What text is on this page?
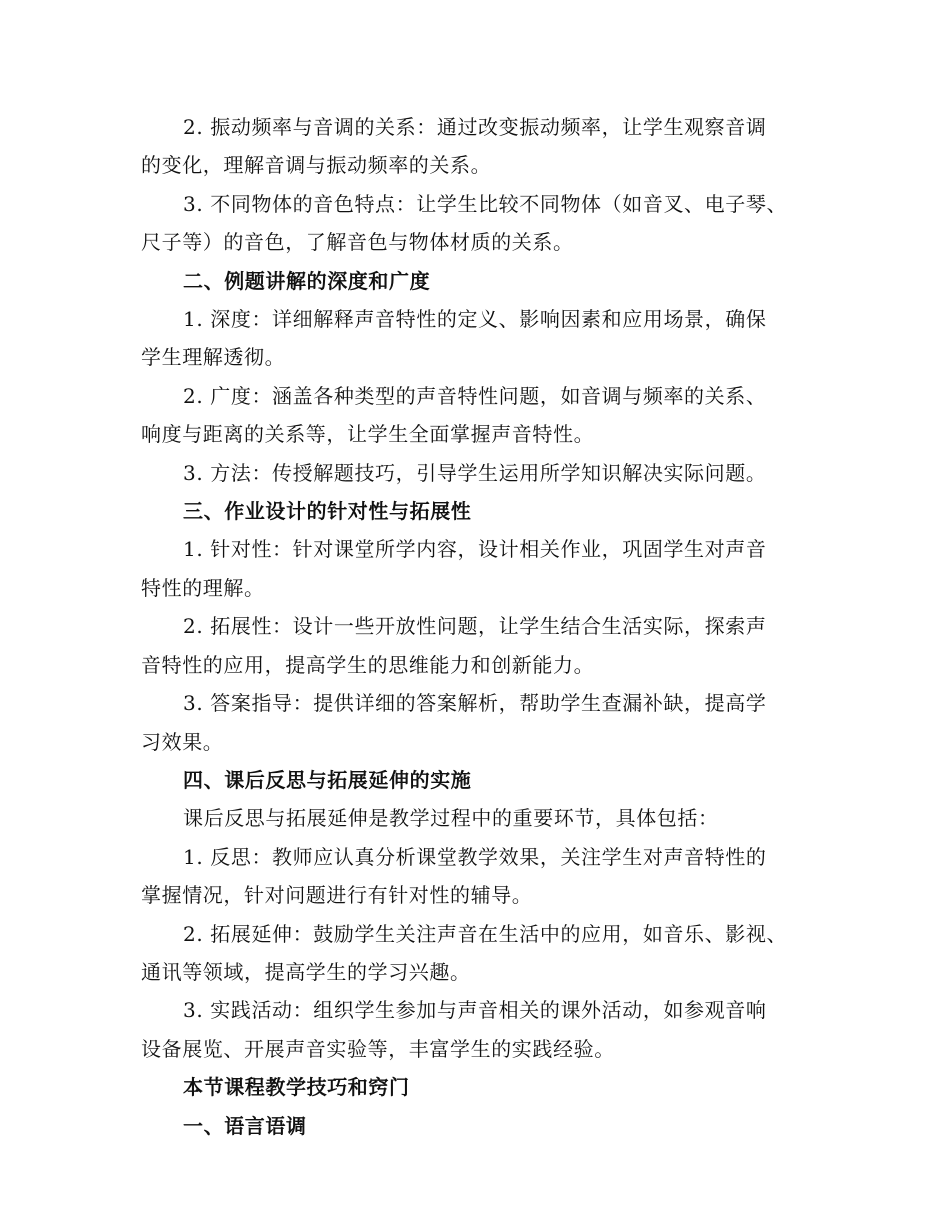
2. 振动频率与音调的关系：通过改变振动频率，让学生观察音调
的变化，理解音调与振动频率的关系。

3. 不同物体的音色特点：让学生比较不同物体（如音叉、电子琴、
尺子等）的音色，了解音色与物体材质的关系。

二、例题讲解的深度和广度

1. 深度：详细解释声音特性的定义、影响因素和应用场景，确保
学生理解透彻。

2. 广度：涵盖各种类型的声音特性问题，如音调与频率的关系、
响度与距离的关系等，让学生全面掌握声音特性。

3. 方法：传授解题技巧，引导学生运用所学知识解决实际问题。

三、作业设计的针对性与拓展性

1. 针对性：针对课堂所学内容，设计相关作业，巩固学生对声音
特性的理解。

2. 拓展性：设计一些开放性问题，让学生结合生活实际，探索声
音特性的应用，提高学生的思维能力和创新能力。

3. 答案指导：提供详细的答案解析，帮助学生查漏补缺，提高学
习效果。

四、课后反思与拓展延伸的实施

课后反思与拓展延伸是教学过程中的重要环节，具体包括：

1. 反思：教师应认真分析课堂教学效果，关注学生对声音特性的
掌握情况，针对问题进行有针对性的辅导。

2. 拓展延伸：鼓励学生关注声音在生活中的应用，如音乐、影视、
通讯等领域，提高学生的学习兴趣。

3. 实践活动：组织学生参加与声音相关的课外活动，如参观音响
设备展览、开展声音实验等，丰富学生的实践经验。

本节课程教学技巧和窍门

一、语言语调
